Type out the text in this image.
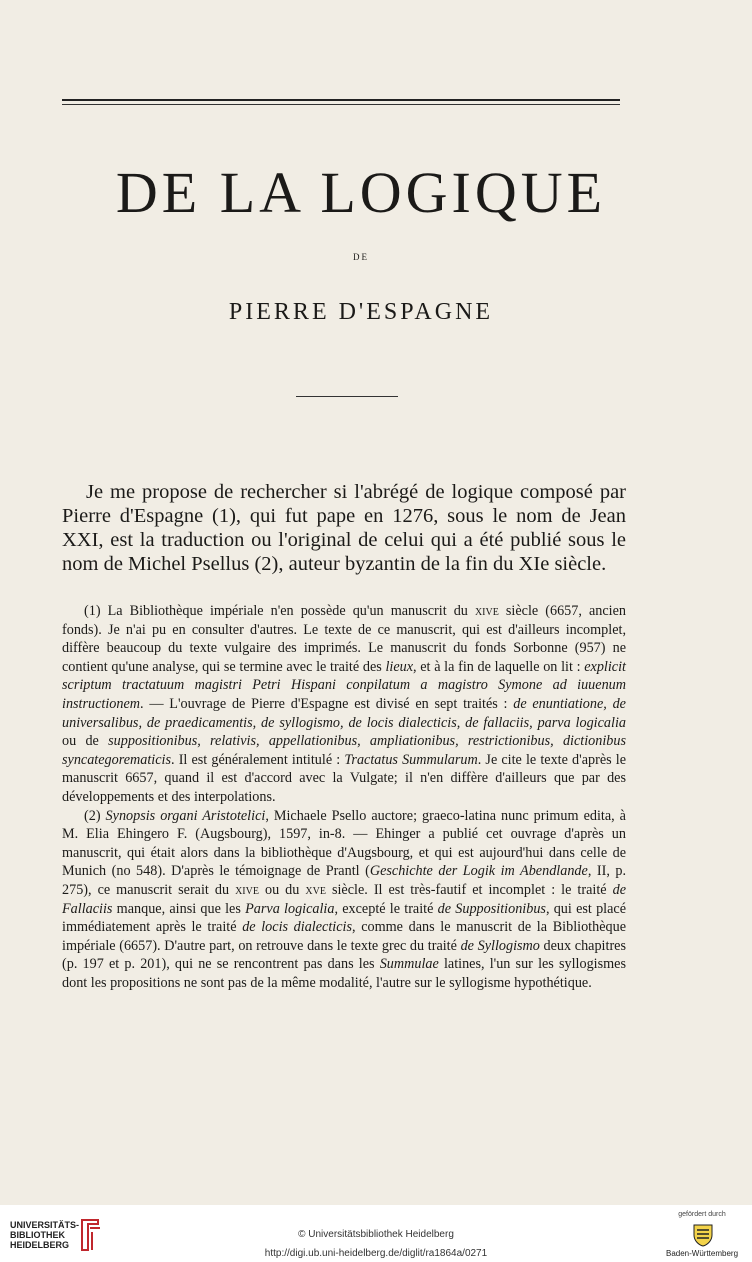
DE LA LOGIQUE
DE
PIERRE D'ESPAGNE

Je me propose de rechercher si l'abrégé de logique composé par Pierre d'Espagne (1), qui fut pape en 1276, sous le nom de Jean XXI, est la traduction ou l'original de celui qui a été publié sous le nom de Michel Psellus (2), auteur byzantin de la fin du XIe siècle.

(1) La Bibliothèque impériale n'en possède qu'un manuscrit du xive siècle (6657, ancien fonds). Je n'ai pu en consulter d'autres. Le texte de ce manuscrit, qui est d'ailleurs incomplet, diffère beaucoup du texte vulgaire des imprimés. Le manuscrit du fonds Sorbonne (957) ne contient qu'une analyse, qui se termine avec le traité des lieux, et à la fin de laquelle on lit : explicit scriptum tractatuum magistri Petri Hispani conpilatum a magistro Symone ad iuuenum instructionem. — L'ouvrage de Pierre d'Espagne est divisé en sept traités : de enuntiatione, de universalibus, de praedicamentis, de syllogismo, de locis dialecticis, de fallaciis, parva logicalia ou de suppositionibus, relativis, appellationibus, ampliationibus, restrictionibus, dictionibus syncategorematicis. Il est généralement intitulé : Tractatus Summularum. Je cite le texte d'après le manuscrit 6657, quand il est d'accord avec la Vulgate; il n'en diffère d'ailleurs que par des développements et des interpolations.

(2) Synopsis organi Aristotelici, Michaele Psello auctore; graeco-latina nunc primum edita, à M. Elia Ehingero F. (Augsbourg), 1597, in-8. — Ehinger a publié cet ouvrage d'après un manuscrit, qui était alors dans la bibliothèque d'Augsbourg, et qui est aujourd'hui dans celle de Munich (no 548). D'après le témoignage de Prantl (Geschichte der Logik im Abendlande, II, p. 275), ce manuscrit serait du xive ou du xve siècle. Il est très-fautif et incomplet : le traité de Fallaciis manque, ainsi que les Parva logicalia, excepté le traité de Suppositionibus, qui est placé immédiatement après le traité de locis dialecticis, comme dans le manuscrit de la Bibliothèque impériale (6657). D'autre part, on retrouve dans le texte grec du traité de Syllogismo deux chapitres (p. 197 et p. 201), qui ne se rencontrent pas dans les Summulae latines, l'un sur les syllogismes dont les propositions ne sont pas de la même modalité, l'autre sur le syllogisme hypothétique.

UNIVERSITÄTS-
BIBLIOTHEK
HEIDELBERG
© Universitätsbibliothek Heidelberg
http://digi.ub.uni-heidelberg.de/diglit/ra1864a/0271
gefördert durch
Baden-Württemberg
